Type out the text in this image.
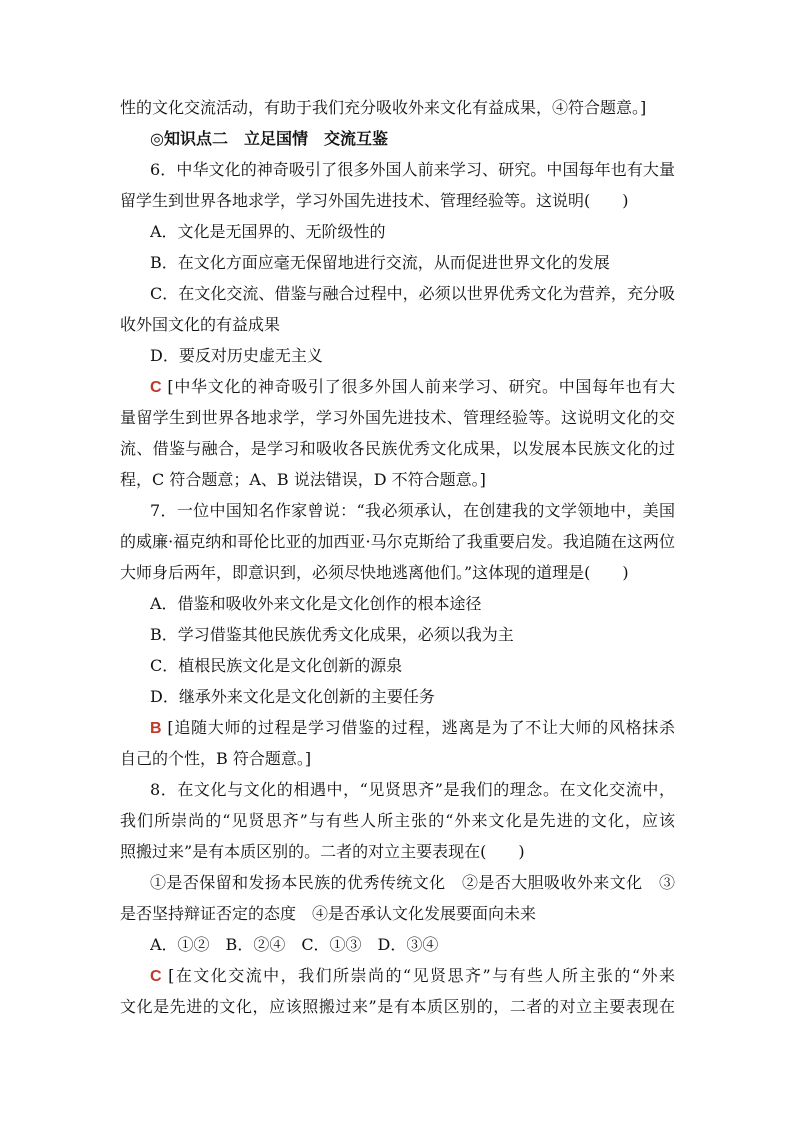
性的文化交流活动，有助于我们充分吸收外来文化有益成果，④符合题意。]
◎知识点二　立足国情　交流互鉴
6．中华文化的神奇吸引了很多外国人前来学习、研究。中国每年也有大量
留学生到世界各地求学，学习外国先进技术、管理经验等。这说明(　　)
A．文化是无国界的、无阶级性的
B．在文化方面应毫无保留地进行交流，从而促进世界文化的发展
C．在文化交流、借鉴与融合过程中，必须以世界优秀文化为营养，充分吸
收外国文化的有益成果
D．要反对历史虚无主义
C [中华文化的神奇吸引了很多外国人前来学习、研究。中国每年也有大
量留学生到世界各地求学，学习外国先进技术、管理经验等。这说明文化的交
流、借鉴与融合，是学习和吸收各民族优秀文化成果，以发展本民族文化的过
程，C 符合题意；A、B 说法错误，D 不符合题意。]
7．一位中国知名作家曾说：“我必须承认，在创建我的文学领地中，美国
的威廉·福克纳和哥伦比亚的加西亚·马尔克斯给了我重要启发。我追随在这两位
大师身后两年，即意识到，必须尽快地逃离他们。”这体现的道理是(　　)
A．借鉴和吸收外来文化是文化创作的根本途径
B．学习借鉴其他民族优秀文化成果，必须以我为主
C．植根民族文化是文化创新的源泉
D．继承外来文化是文化创新的主要任务
B [追随大师的过程是学习借鉴的过程，逃离是为了不让大师的风格抹杀
自己的个性，B 符合题意。]
8．在文化与文化的相遇中，“见贤思齐”是我们的理念。在文化交流中，
我们所崇尚的“见贤思齐”与有些人所主张的“外来文化是先进的文化，应该
照搬过来”是有本质区别的。二者的对立主要表现在(　　)
①是否保留和发扬本民族的优秀传统文化　②是否大胆吸收外来文化　③
是否坚持辩证否定的态度　④是否承认文化发展要面向未来
A．①②　B．②④　C．①③　D．③④
C [在文化交流中，我们所崇尚的“见贤思齐”与有些人所主张的“外来
文化是先进的文化，应该照搬过来”是有本质区别的，二者的对立主要表现在
